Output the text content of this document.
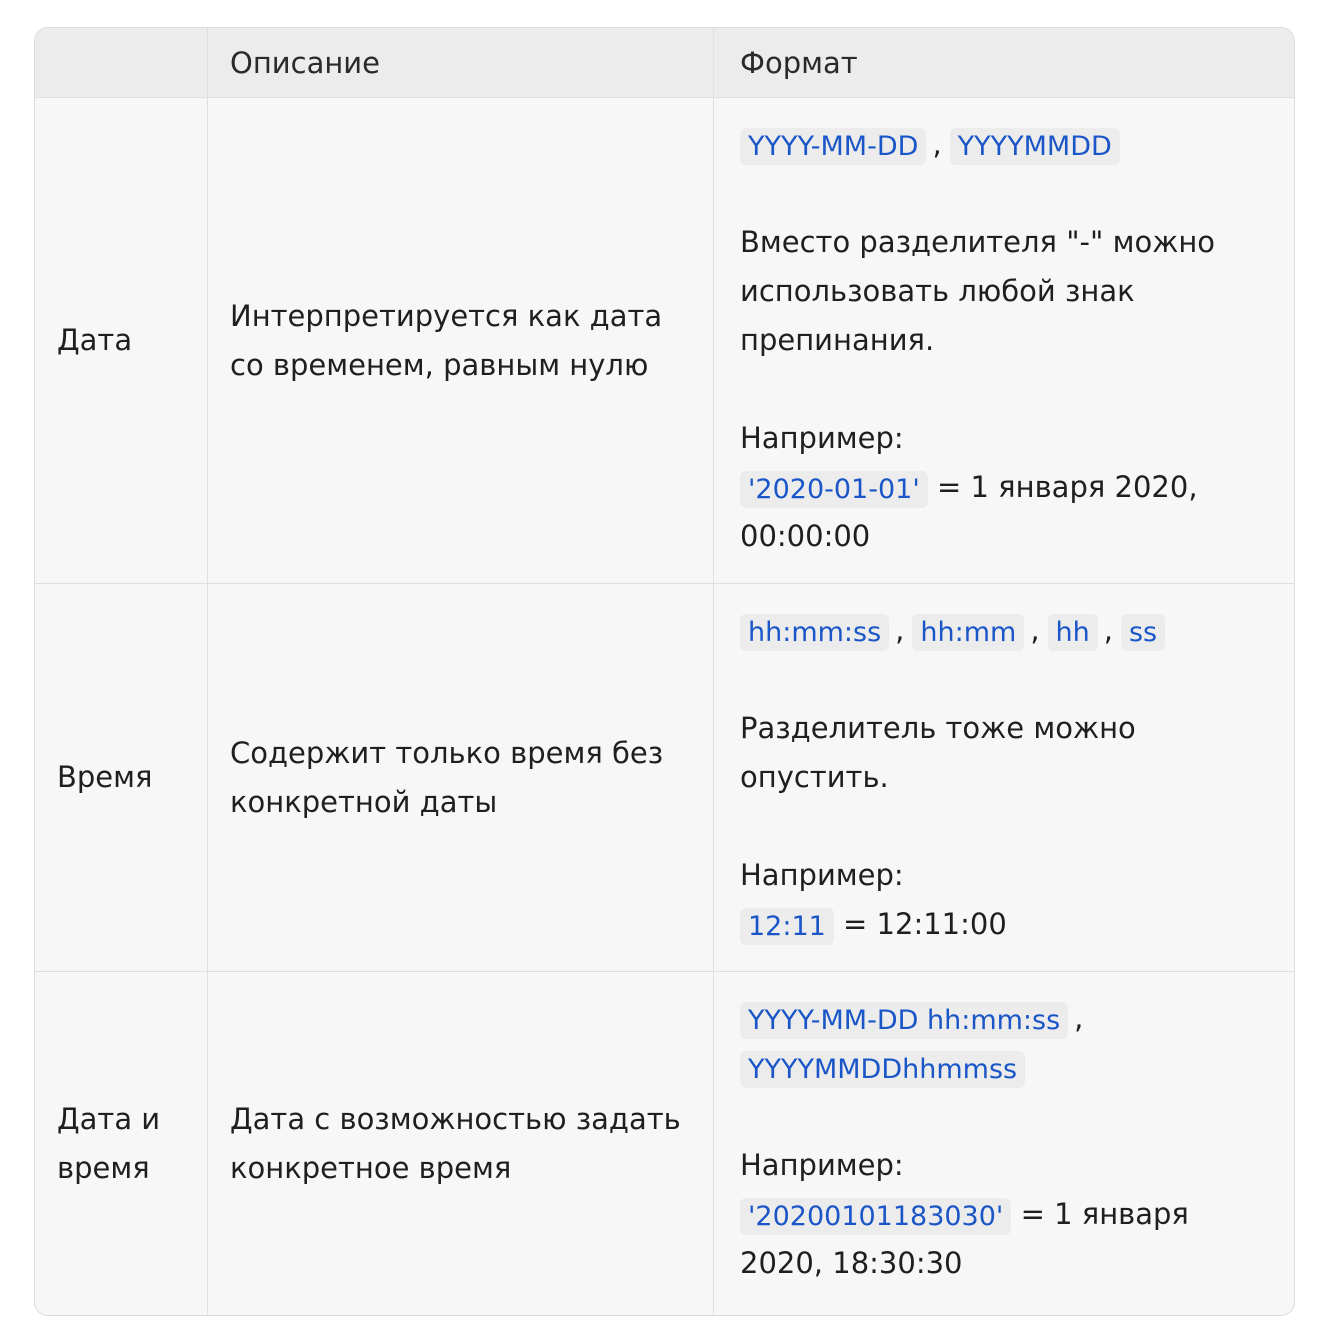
Описание	Формат
Дата
Интерпретируется как дата со временем, равным нулю
YYYY-MM-DD , YYYYMMDD
Вместо разделителя "-" можно использовать любой знак препинания.
Например:
'2020-01-01' = 1 января 2020, 00:00:00
Время
Содержит только время без конкретной даты
hh:mm:ss , hh:mm , hh , ss
Разделитель тоже можно опустить.
Например:
12:11 = 12:11:00
Дата и время
Дата с возможностью задать конкретное время
YYYY-MM-DD hh:mm:ss ,
YYYYMMDDhhmmss
Например:
'20200101183030' = 1 января 2020, 18:30:30
